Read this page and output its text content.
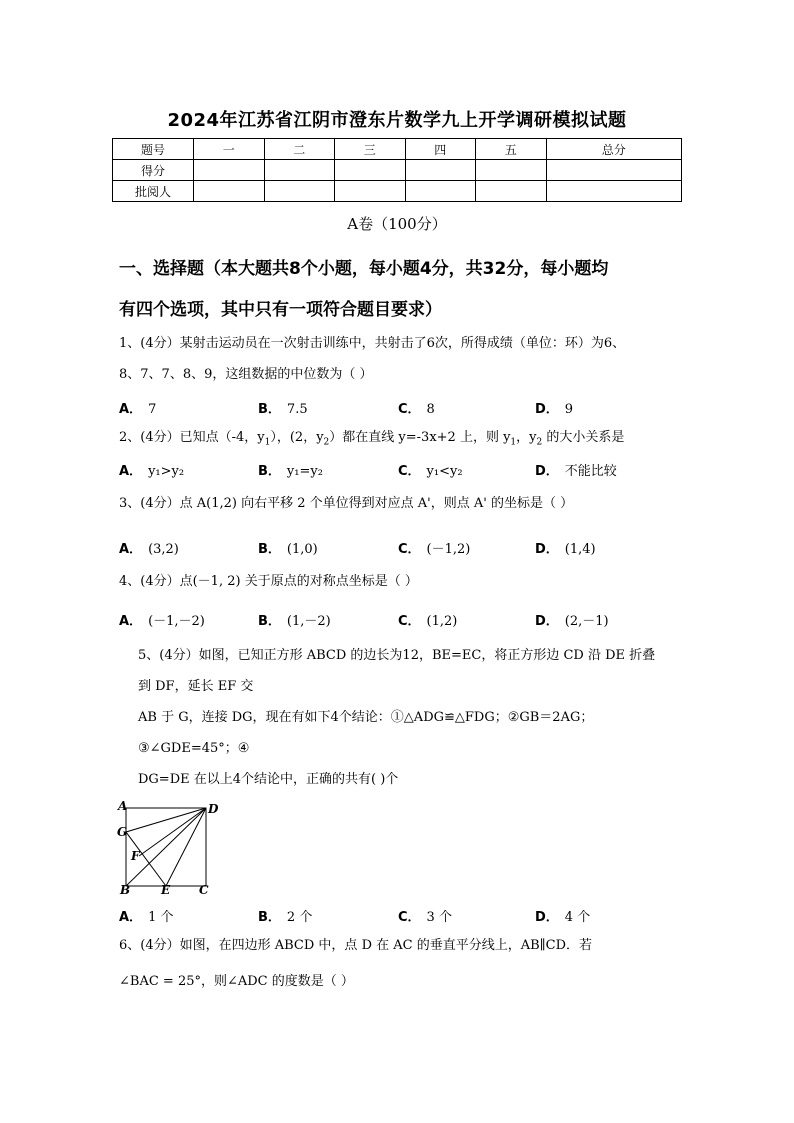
2024年江苏省江阴市澄东片数学九上开学调研模拟试题
题号	一	二	三	四	五	总分
得分						
批阅人						
A卷（100分）
一、选择题（本大题共8个小题，每小题4分，共32分，每小题均
有四个选项，其中只有一项符合题目要求）
1、(4分）某射击运动员在一次射击训练中，共射击了6次，所得成绩（单位：环）为6、
8、7、7、8、9，这组数据的中位数为（ ）
A． 7	B． 7.5	C． 8	D． 9
2、(4分）已知点（-4，$y_1$），(2，$y_2$）都在直线 y=-3x+2 上，则 $y_1$，$y_2$ 的大小关系是
A． y₁>y₂	B． y₁=y₂	C． y₁<y₂	D． 不能比较
3、(4分）点 A(1,2) 向右平移 2 个单位得到对应点 A'，则点 A' 的坐标是（ ）
A． (3,2)	B． (1,0)	C． (－1,2)	D． (1,4)
4、(4分）点(－1, 2) 关于原点的对称点坐标是（ ）
A． (－1,－2)	B． (1,－2)	C． (1,2)	D． (2,－1)
5、(4分）如图，已知正方形 ABCD 的边长为12，BE=EC，将正方形边 CD 沿 DE 折叠
到 DF，延长 EF 交
AB 于 G，连接 DG，现在有如下4个结论：①△ADG≌△FDG；②GB＝2AG；
③∠GDE=45°；④
DG=DE 在以上4个结论中，正确的共有( )个
A	D
G
F
B	E C
A． 1 个	B． 2 个	C． 3 个	D． 4 个
6、(4分）如图，在四边形 ABCD 中，点 D 在 AC 的垂直平分线上，AB∥CD．若
∠BAC = 25°，则∠ADC 的度数是（ ）
